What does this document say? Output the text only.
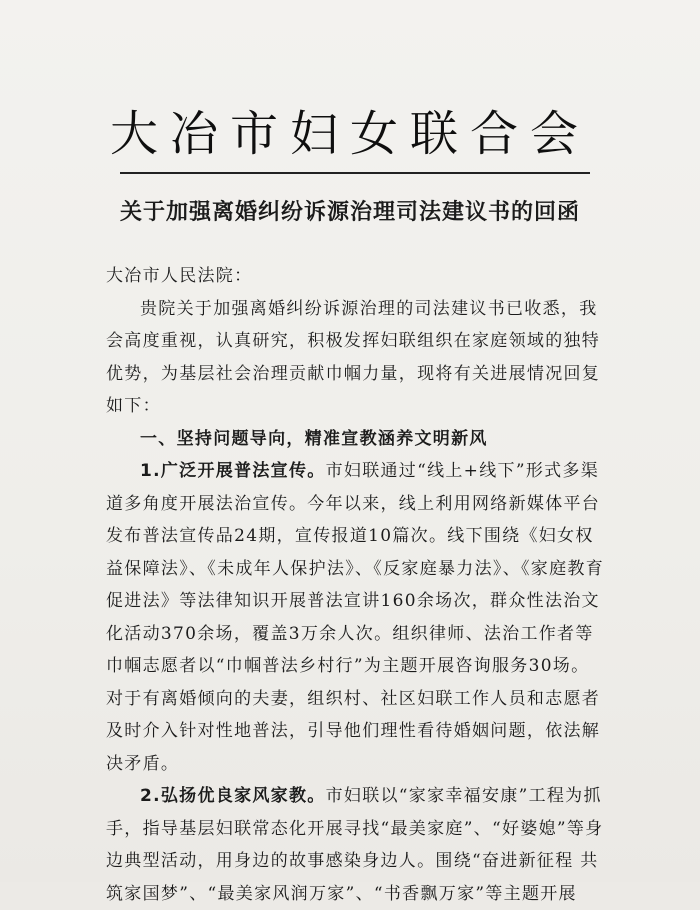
大冶市妇女联合会
关于加强离婚纠纷诉源治理司法建议书的回函

大冶市人民法院：

贵院关于加强离婚纠纷诉源治理的司法建议书已收悉，我会高度重视，认真研究，积极发挥妇联组织在家庭领域的独特优势，为基层社会治理贡献巾帼力量，现将有关进展情况回复如下：

一、坚持问题导向，精准宣教涵养文明新风

1.广泛开展普法宣传。市妇联通过“线上+线下”形式多渠道多角度开展法治宣传。今年以来，线上利用网络新媒体平台发布普法宣传品24期，宣传报道10篇次。线下围绕《妇女权益保障法》、《未成年人保护法》、《反家庭暴力法》、《家庭教育促进法》等法律知识开展普法宣讲160余场次，群众性法治文化活动370余场，覆盖3万余人次。组织律师、法治工作者等巾帼志愿者以“巾帼普法乡村行”为主题开展咨询服务30场。对于有离婚倾向的夫妻，组织村、社区妇联工作人员和志愿者及时介入针对性地普法，引导他们理性看待婚姻问题，依法解决矛盾。

2.弘扬优良家风家教。市妇联以“家家幸福安康”工程为抓手，指导基层妇联常态化开展寻找“最美家庭”、“好婆媳”等身边典型活动，用身边的故事感染身边人。围绕“奋进新征程 共筑家国梦”、“最美家风润万家”、“书香飘万家”等主题开展
